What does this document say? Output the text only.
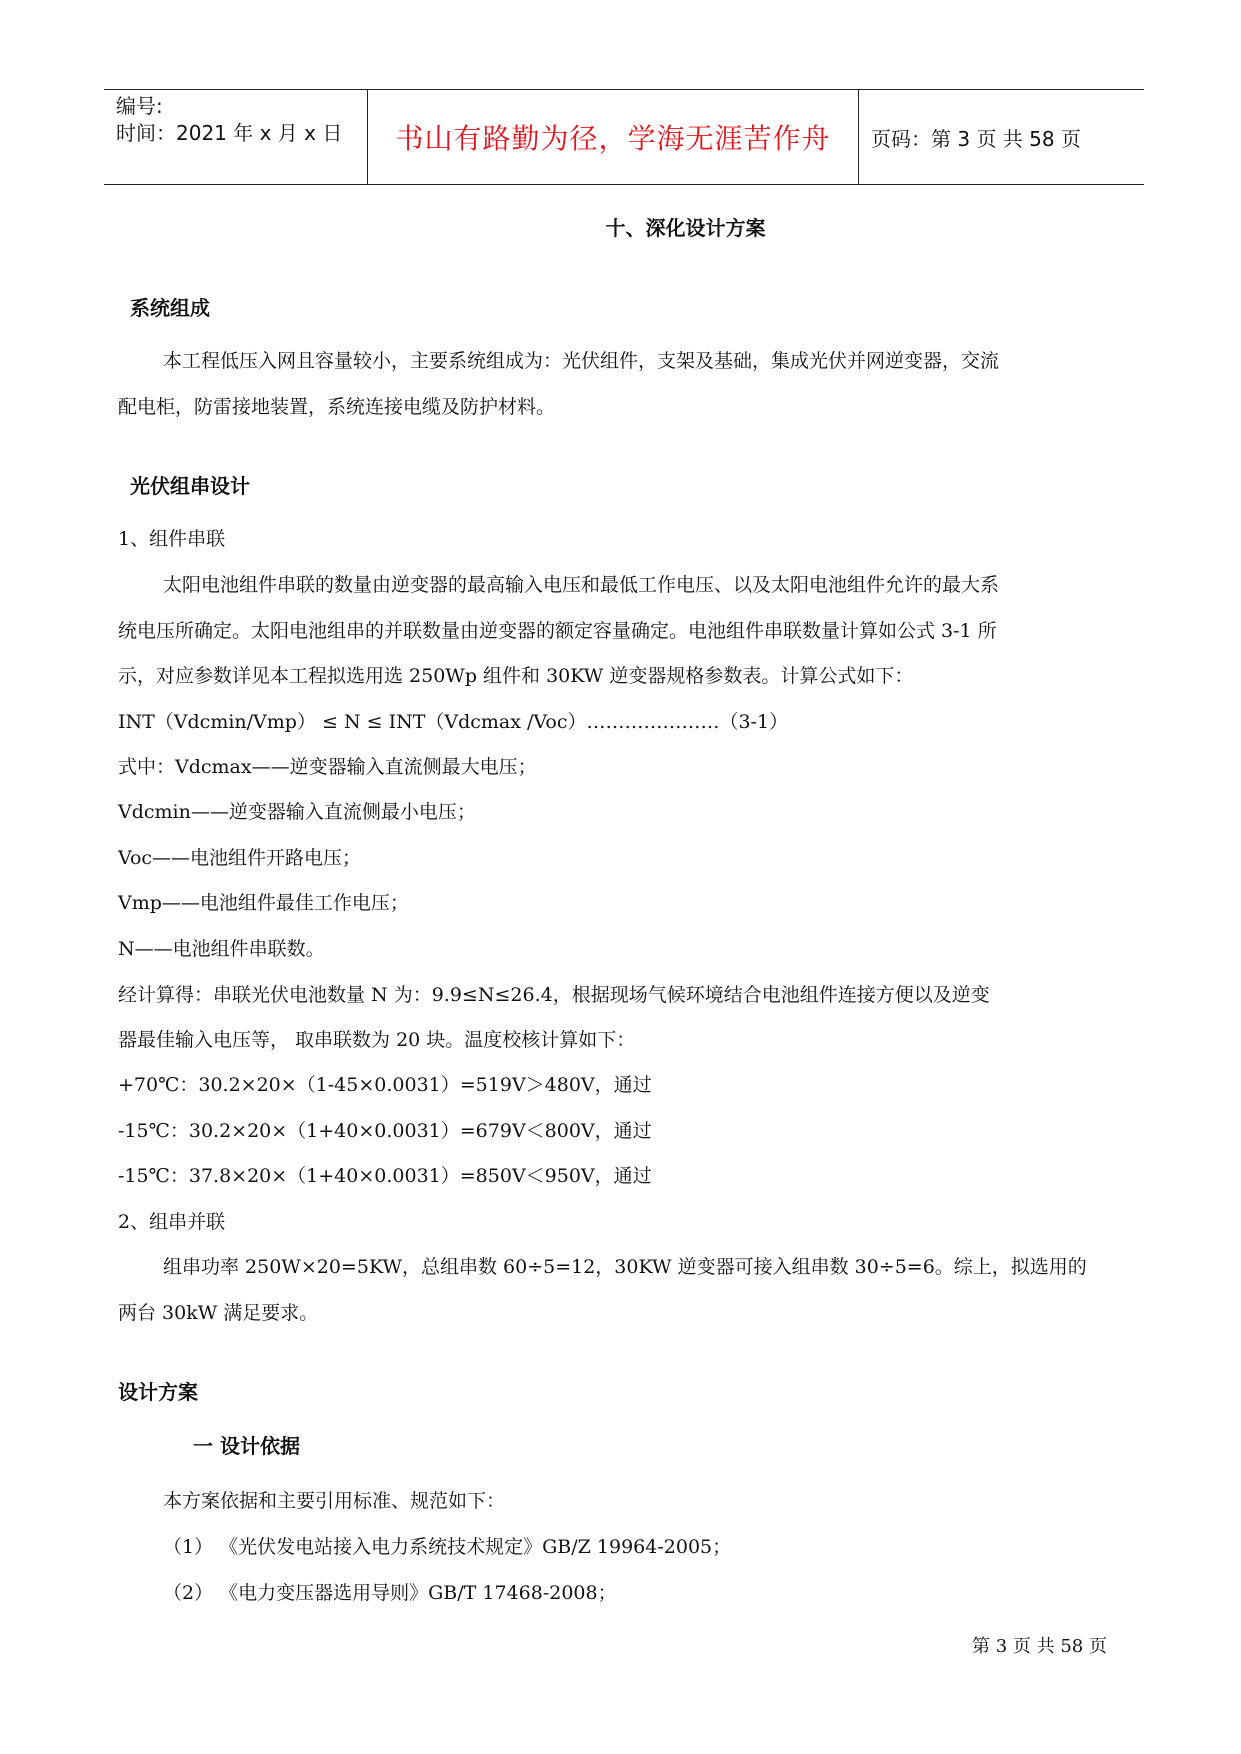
编号:
时间：2021 年 x 月 x 日	书山有路勤为径，学海无涯苦作舟	页码：第 3 页 共 58 页
十、深化设计方案
系统组成
本工程低压入网且容量较小，主要系统组成为：光伏组件，支架及基础，集成光伏并网逆变器，交流
配电柜，防雷接地装置，系统连接电缆及防护材料。
光伏组串设计
1、组件串联
太阳电池组件串联的数量由逆变器的最高输入电压和最低工作电压、以及太阳电池组件允许的最大系
统电压所确定。太阳电池组串的并联数量由逆变器的额定容量确定。电池组件串联数量计算如公式 3-1 所
示，对应参数详见本工程拟选用选 250Wp 组件和 30KW 逆变器规格参数表。计算公式如下：
INT（Vdcmin/Vmp） ≤ N ≤ INT（Vdcmax /Voc）…………………（3-1）
式中：Vdcmax——逆变器输入直流侧最大电压；
Vdcmin——逆变器输入直流侧最小电压；
Voc——电池组件开路电压；
Vmp——电池组件最佳工作电压；
N——电池组件串联数。
经计算得：串联光伏电池数量 N 为：9.9≤N≤26.4，根据现场气候环境结合电池组件连接方便以及逆变
器最佳输入电压等， 取串联数为 20 块。温度校核计算如下：
+70℃：30.2×20×（1-45×0.0031）=519V＞480V，通过
-15℃：30.2×20×（1+40×0.0031）=679V＜800V，通过
-15℃：37.8×20×（1+40×0.0031）=850V＜950V，通过
2、组串并联
组串功率 250W×20=5KW，总组串数 60÷5=12，30KW 逆变器可接入组串数 30÷5=6。综上，拟选用的
两台 30kW 满足要求。
设计方案
一 设计依据
本方案依据和主要引用标准、规范如下：
（1） 《光伏发电站接入电力系统技术规定》GB/Z 19964-2005；
（2） 《电力变压器选用导则》GB/T 17468-2008；
第 3 页 共 58 页
